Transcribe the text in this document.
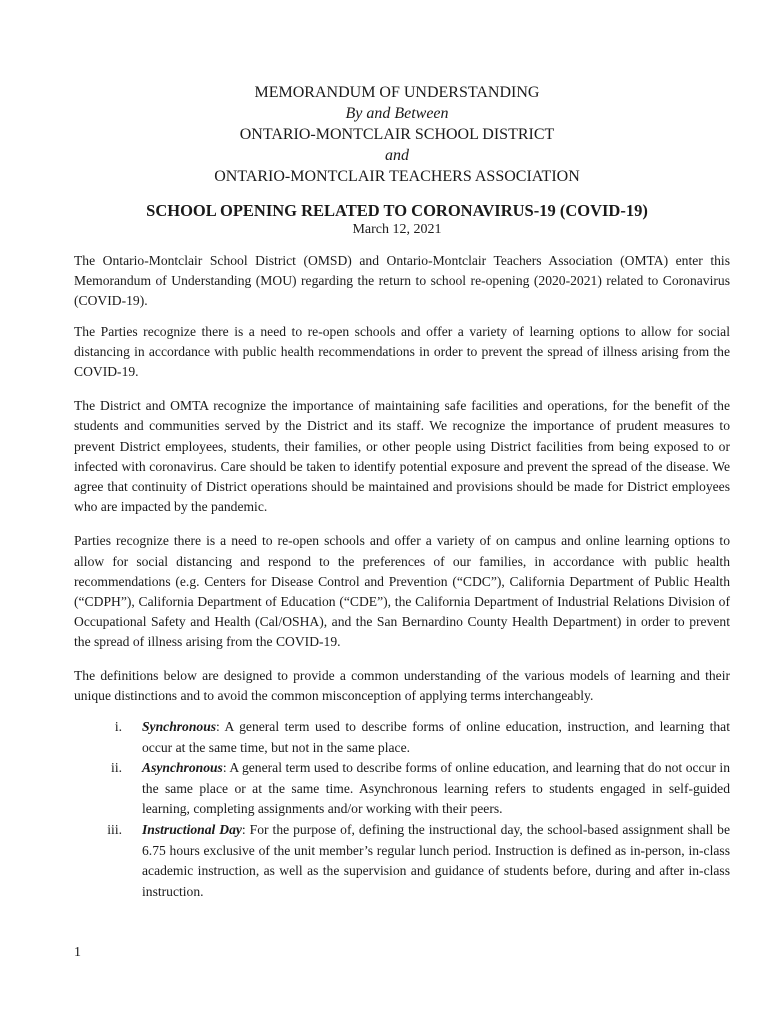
MEMORANDUM OF UNDERSTANDING
By and Between
ONTARIO-MONTCLAIR SCHOOL DISTRICT
and
ONTARIO-MONTCLAIR TEACHERS ASSOCIATION
SCHOOL OPENING RELATED TO CORONAVIRUS-19 (COVID-19)
March 12, 2021

The Ontario-Montclair School District (OMSD) and Ontario-Montclair Teachers Association (OMTA) enter this Memorandum of Understanding (MOU) regarding the return to school re-opening (2020-2021) related to Coronavirus (COVID-19).

The Parties recognize there is a need to re-open schools and offer a variety of learning options to allow for social distancing in accordance with public health recommendations in order to prevent the spread of illness arising from the COVID-19.

The District and OMTA recognize the importance of maintaining safe facilities and operations, for the benefit of the students and communities served by the District and its staff. We recognize the importance of prudent measures to prevent District employees, students, their families, or other people using District facilities from being exposed to or infected with coronavirus. Care should be taken to identify potential exposure and prevent the spread of the disease. We agree that continuity of District operations should be maintained and provisions should be made for District employees who are impacted by the pandemic.

Parties recognize there is a need to re-open schools and offer a variety of on campus and online learning options to allow for social distancing and respond to the preferences of our families, in accordance with public health recommendations (e.g. Centers for Disease Control and Prevention (“CDC”), California Department of Public Health (“CDPH”), California Department of Education (“CDE”), the California Department of Industrial Relations Division of Occupational Safety and Health (Cal/OSHA), and the San Bernardino County Health Department) in order to prevent the spread of illness arising from the COVID-19.

The definitions below are designed to provide a common understanding of the various models of learning and their unique distinctions and to avoid the common misconception of applying terms interchangeably.

i.	Synchronous: A general term used to describe forms of online education, instruction, and learning that occur at the same time, but not in the same place.
ii.	Asynchronous: A general term used to describe forms of online education, and learning that do not occur in the same place or at the same time. Asynchronous learning refers to students engaged in self-guided learning, completing assignments and/or working with their peers.
iii.	Instructional Day: For the purpose of, defining the instructional day, the school-based assignment shall be 6.75 hours exclusive of the unit member’s regular lunch period. Instruction is defined as in-person, in-class academic instruction, as well as the supervision and guidance of students before, during and after in-class instruction.
1
